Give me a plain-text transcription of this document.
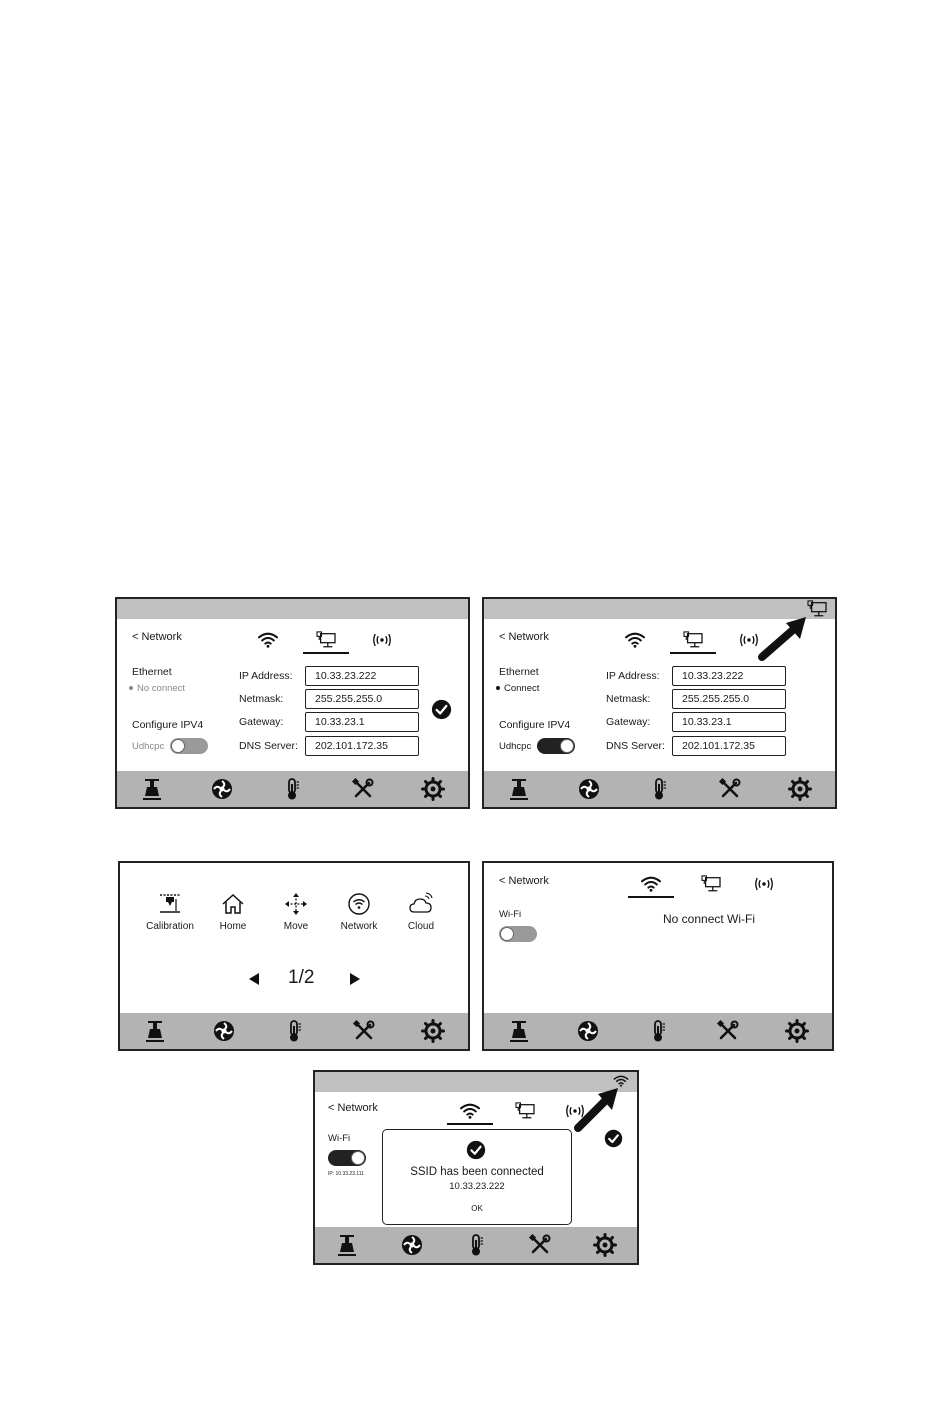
< Network
Ethernet
No connect
Configure IPV4
Udhcpc
IP Address:	10.33.23.222
Netmask:	255.255.255.0
Gateway:	10.33.23.1
DNS Server:	202.101.172.35
< Network
Ethernet
Connect
Configure IPV4
Udhcpc
IP Address:	10.33.23.222
Netmask:	255.255.255.0
Gateway:	10.33.23.1
DNS Server:	202.101.172.35
Calibration	Home	Move	Network	Cloud
1/2
< Network
Wi-Fi	No connect Wi-Fi
< Network
Wi-Fi
IP: 10.33.23.111	SSID has been connected
10.33.23.222
OK
